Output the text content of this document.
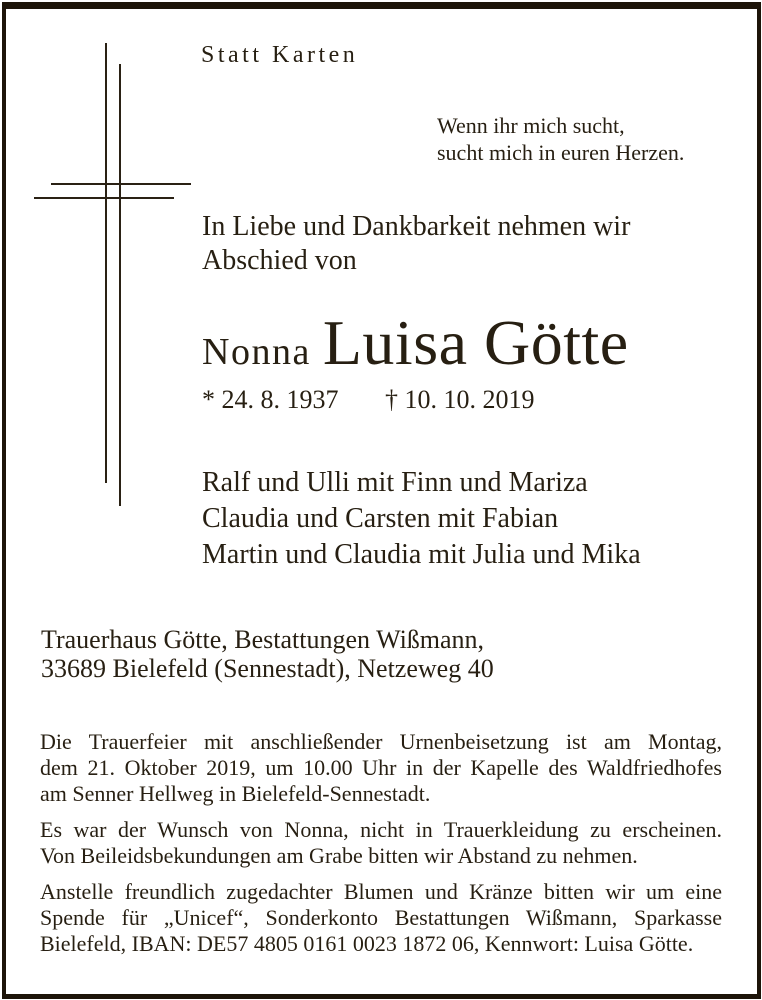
Statt Karten
Wenn ihr mich sucht,
sucht mich in euren Herzen.
In Liebe und Dankbarkeit nehmen wir
Abschied von
Nonna Luisa Götte
* 24. 8. 1937 † 10. 10. 2019
Ralf und Ulli mit Finn und Mariza
Claudia und Carsten mit Fabian
Martin und Claudia mit Julia und Mika
Trauerhaus Götte, Bestattungen Wißmann,
33689 Bielefeld (Sennestadt), Netzeweg 40
Die Trauerfeier mit anschließender Urnenbeisetzung ist am Montag,
dem 21. Oktober 2019, um 10.00 Uhr in der Kapelle des Waldfriedhofes
am Senner Hellweg in Bielefeld-Sennestadt.
Es war der Wunsch von Nonna, nicht in Trauerkleidung zu erscheinen.
Von Beileidsbekundungen am Grabe bitten wir Abstand zu nehmen.
Anstelle freundlich zugedachter Blumen und Kränze bitten wir um eine
Spende für „Unicef“, Sonderkonto Bestattungen Wißmann, Sparkasse
Bielefeld, IBAN: DE57 4805 0161 0023 1872 06, Kennwort: Luisa Götte.
